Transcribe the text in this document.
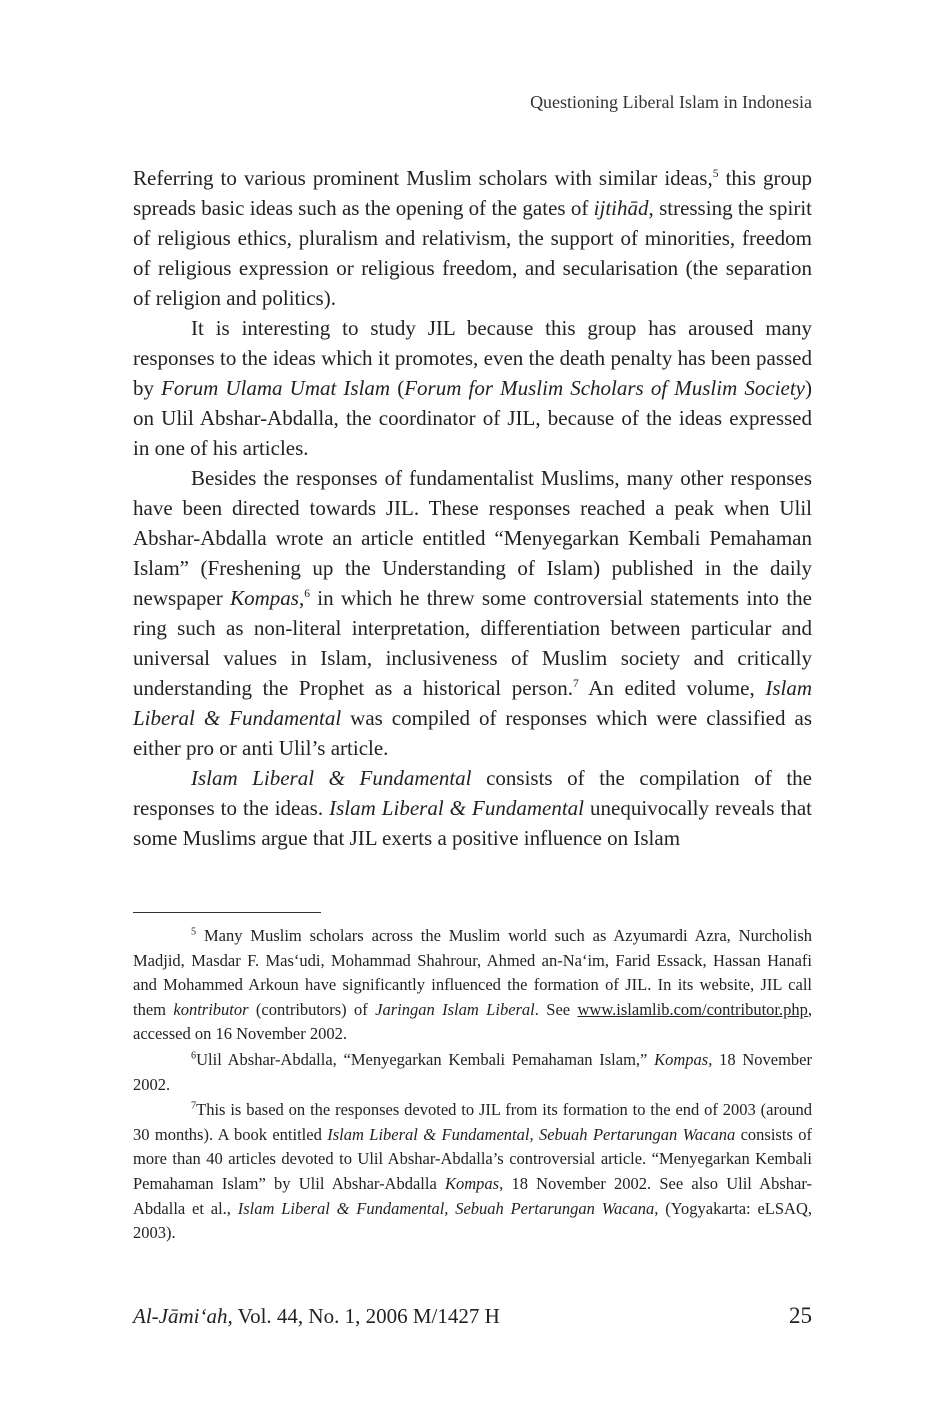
Questioning Liberal Islam in Indonesia

Referring to various prominent Muslim scholars with similar ideas,$^5$ this group spreads basic ideas such as the opening of the gates of ijtihād, stressing the spirit of religious ethics, pluralism and relativism, the support of minorities, freedom of religious expression or religious freedom, and secularisation (the separation of religion and politics).

It is interesting to study JIL because this group has aroused many responses to the ideas which it promotes, even the death penalty has been passed by Forum Ulama Umat Islam (Forum for Muslim Scholars of Muslim Society) on Ulil Abshar-Abdalla, the coordinator of JIL, because of the ideas expressed in one of his articles.

Besides the responses of fundamentalist Muslims, many other responses have been directed towards JIL. These responses reached a peak when Ulil Abshar-Abdalla wrote an article entitled “Menyegarkan Kembali Pemahaman Islam” (Freshening up the Understanding of Islam) published in the daily newspaper Kompas,$^6$ in which he threw some controversial statements into the ring such as non-literal interpretation, differentiation between particular and universal values in Islam, inclusiveness of Muslim society and critically understanding the Prophet as a historical person.$^7$ An edited volume, Islam Liberal & Fundamental was compiled of responses which were classified as either pro or anti Ulil’s article.

Islam Liberal & Fundamental consists of the compilation of the responses to the ideas. Islam Liberal & Fundamental unequivocally reveals that some Muslims argue that JIL exerts a positive influence on Islam

$^5$ Many Muslim scholars across the Muslim world such as Azyumardi Azra, Nurcholish Madjid, Masdar F. Mas‘udi, Mohammad Shahrour, Ahmed an-Na‘im, Farid Essack, Hassan Hanafi and Mohammed Arkoun have significantly influenced the formation of JIL. In its website, JIL call them kontributor (contributors) of Jaringan Islam Liberal. See www.islamlib.com/contributor.php, accessed on 16 November 2002.

$^6$Ulil Abshar-Abdalla, “Menyegarkan Kembali Pemahaman Islam,” Kompas, 18 November 2002.

$^7$This is based on the responses devoted to JIL from its formation to the end of 2003 (around 30 months). A book entitled Islam Liberal & Fundamental, Sebuah Pertarungan Wacana consists of more than 40 articles devoted to Ulil Abshar-Abdalla’s controversial article. “Menyegarkan Kembali Pemahaman Islam” by Ulil Abshar-Abdalla Kompas, 18 November 2002. See also Ulil Abshar-Abdalla et al., Islam Liberal & Fundamental, Sebuah Pertarungan Wacana, (Yogyakarta: eLSAQ, 2003).

Al-Jāmi‘ah, Vol. 44, No. 1, 2006 M/1427 H	25
